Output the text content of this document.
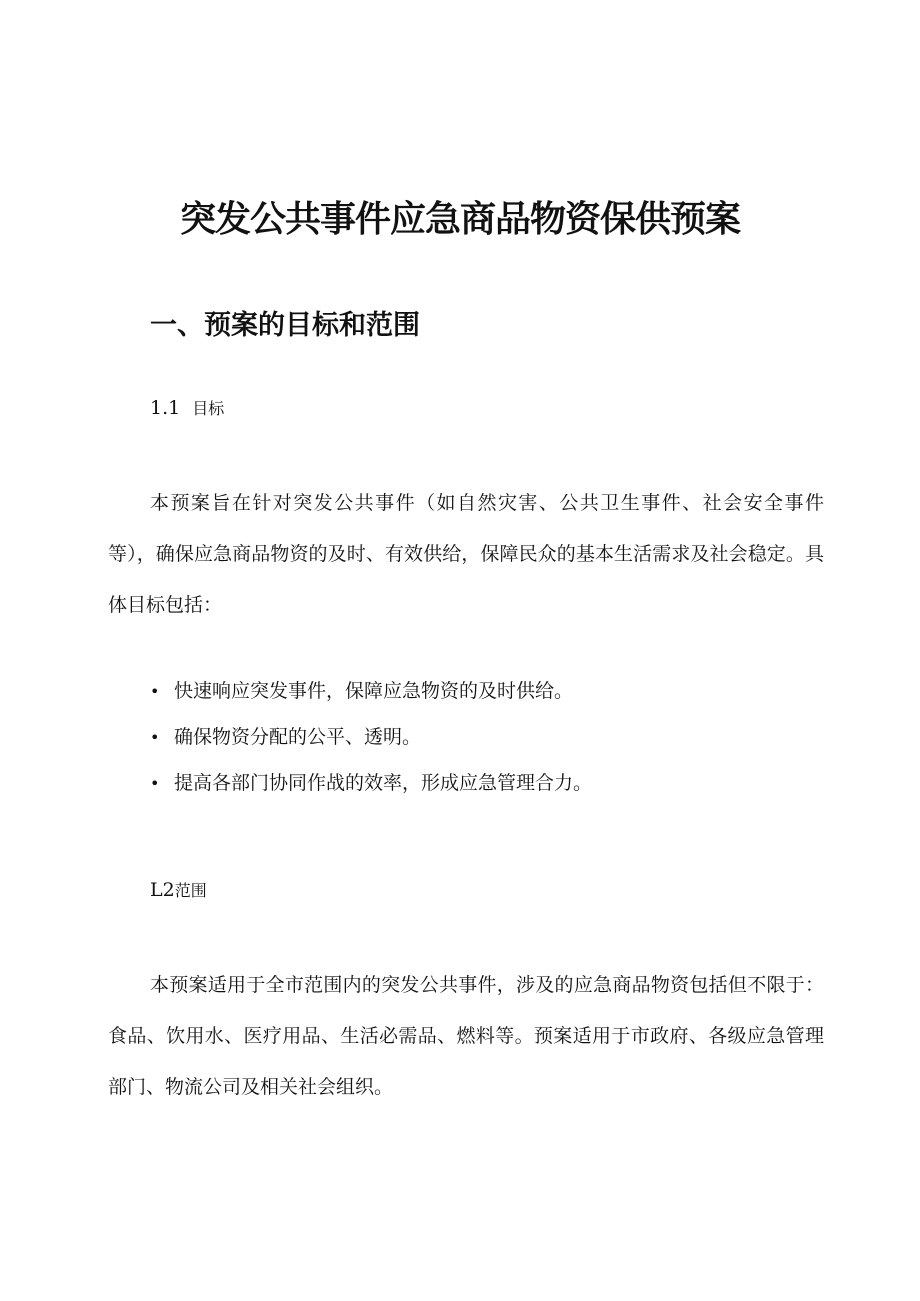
突发公共事件应急商品物资保供预案
一、预案的目标和范围
1.1 目标

本预案旨在针对突发公共事件（如自然灾害、公共卫生事件、社会安全事件等），确保应急商品物资的及时、有效供给，保障民众的基本生活需求及社会稳定。具体目标包括：

• 快速响应突发事件，保障应急物资的及时供给。
• 确保物资分配的公平、透明。
• 提高各部门协同作战的效率，形成应急管理合力。
L2范围

本预案适用于全市范围内的突发公共事件，涉及的应急商品物资包括但不限于：食品、饮用水、医疗用品、生活必需品、燃料等。预案适用于市政府、各级应急管理部门、物流公司及相关社会组织。
